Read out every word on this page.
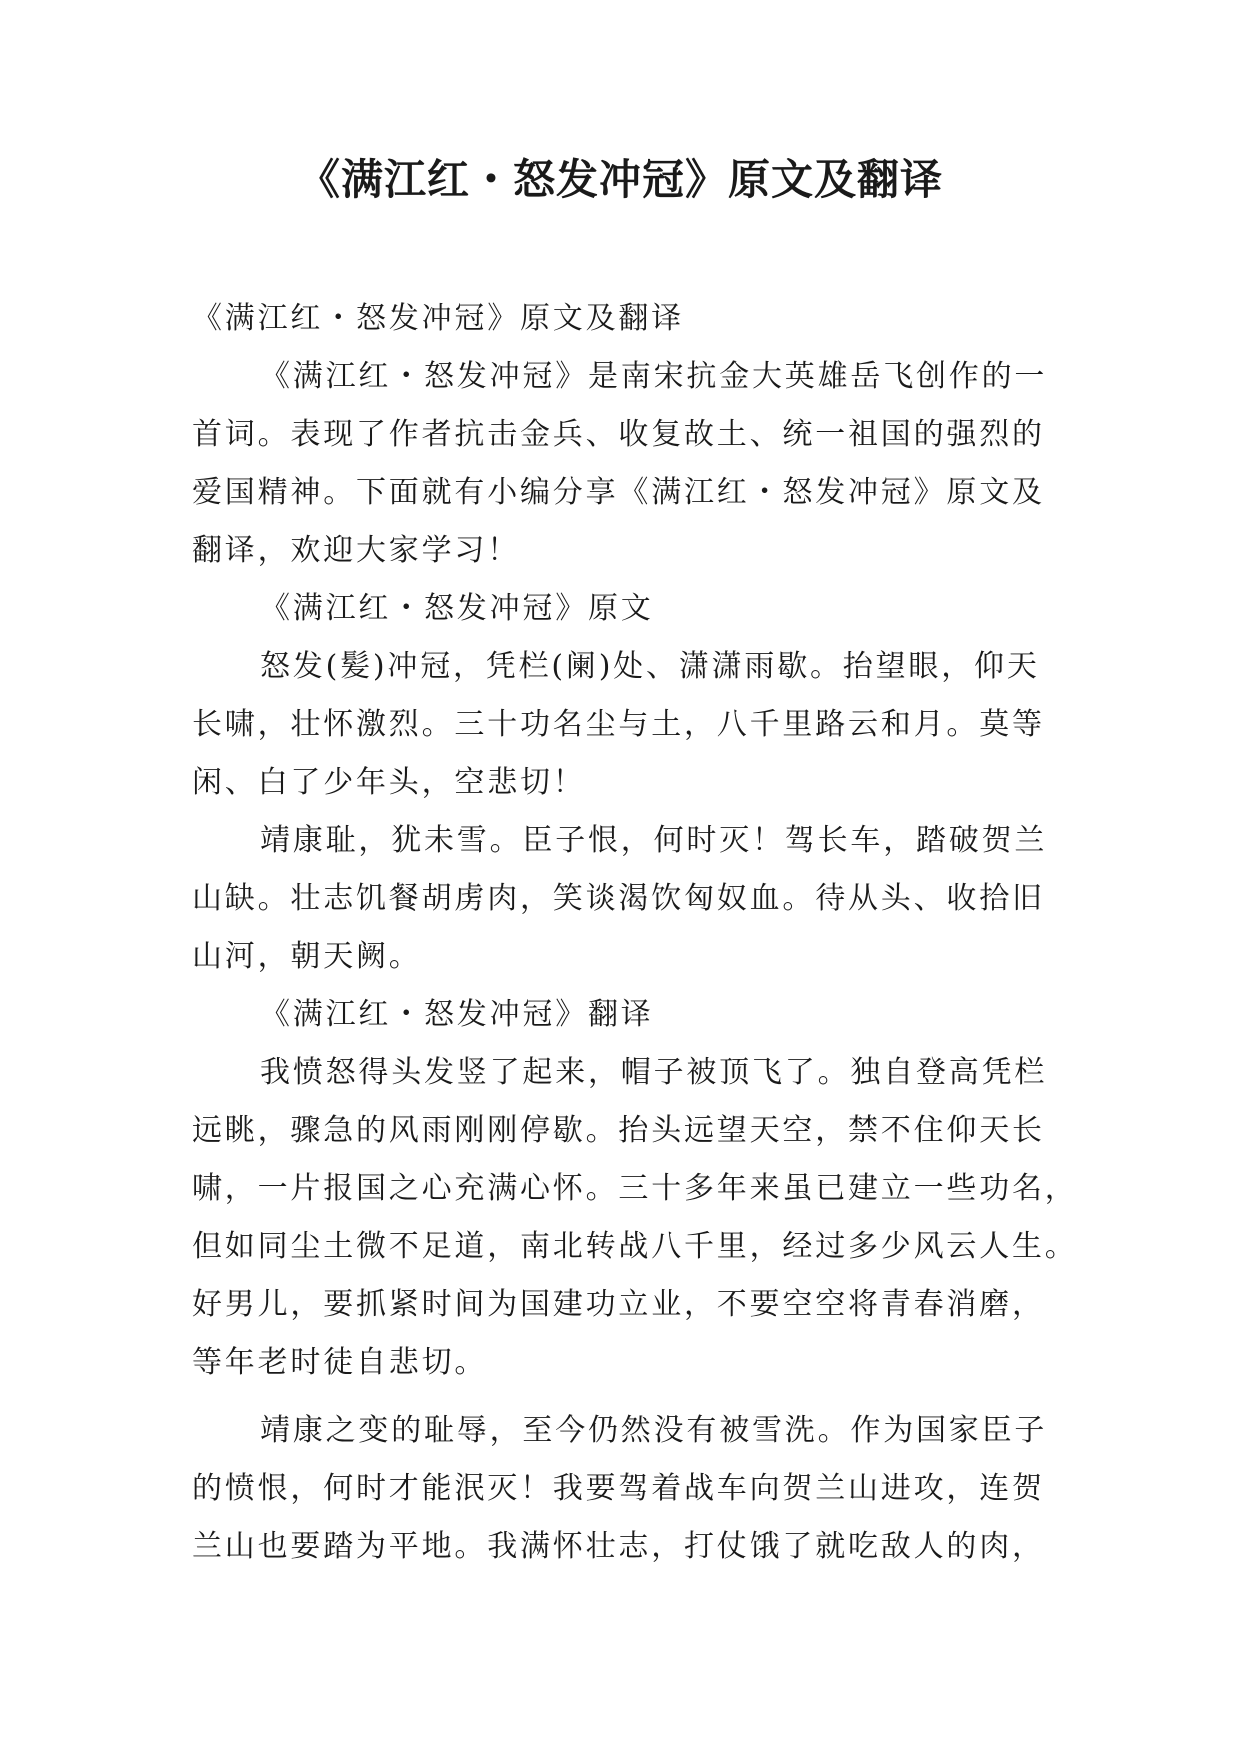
《满江红・怒发冲冠》原文及翻译

《满江红・怒发冲冠》原文及翻译

《满江红・怒发冲冠》是南宋抗金大英雄岳飞创作的一

首词。表现了作者抗击金兵、收复故土、统一祖国的强烈的

爱国精神。下面就有小编分享《满江红・怒发冲冠》原文及

翻译，欢迎大家学习！

《满江红・怒发冲冠》原文

怒发(髪)冲冠，凭栏(阑)处、潇潇雨歇。抬望眼，仰天

长啸，壮怀激烈。三十功名尘与土，八千里路云和月。莫等

闲、白了少年头，空悲切！

靖康耻，犹未雪。臣子恨，何时灭！驾长车，踏破贺兰

山缺。壮志饥餐胡虏肉，笑谈渴饮匈奴血。待从头、收拾旧

山河，朝天阙。

《满江红・怒发冲冠》翻译

我愤怒得头发竖了起来，帽子被顶飞了。独自登高凭栏

远眺，骤急的风雨刚刚停歇。抬头远望天空，禁不住仰天长

啸，一片报国之心充满心怀。三十多年来虽已建立一些功名，

但如同尘土微不足道，南北转战八千里，经过多少风云人生。

好男儿，要抓紧时间为国建功立业，不要空空将青春消磨，

等年老时徒自悲切。

靖康之变的耻辱，至今仍然没有被雪洗。作为国家臣子

的愤恨，何时才能泯灭！我要驾着战车向贺兰山进攻，连贺

兰山也要踏为平地。我满怀壮志，打仗饿了就吃敌人的肉，
